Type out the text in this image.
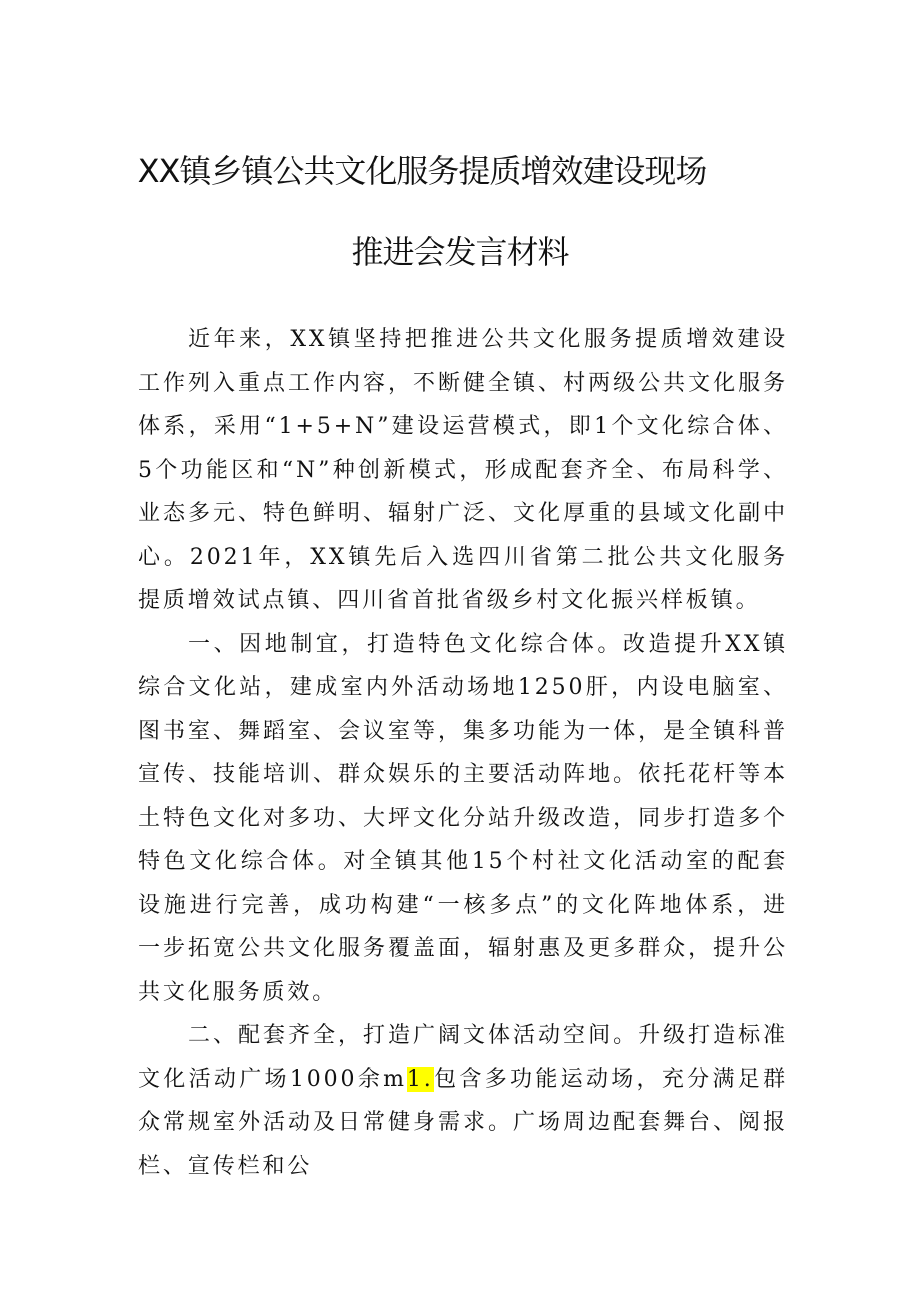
XX镇乡镇公共文化服务提质增效建设现场
推进会发言材料

近年来，XX镇坚持把推进公共文化服务提质增效建设工作列入重点工作内容，不断健全镇、村两级公共文化服务体系，采用“1+5+N”建设运营模式，即1个文化综合体、5个功能区和“N”种创新模式，形成配套齐全、布局科学、业态多元、特色鲜明、辐射广泛、文化厚重的县域文化副中心。2021年，XX镇先后入选四川省第二批公共文化服务提质增效试点镇、四川省首批省级乡村文化振兴样板镇。

一、因地制宜，打造特色文化综合体。改造提升XX镇综合文化站，建成室内外活动场地1250肝，内设电脑室、图书室、舞蹈室、会议室等，集多功能为一体，是全镇科普宣传、技能培训、群众娱乐的主要活动阵地。依托花杆等本土特色文化对多功、大坪文化分站升级改造，同步打造多个特色文化综合体。对全镇其他15个村社文化活动室的配套设施进行完善，成功构建“一核多点”的文化阵地体系，进一步拓宽公共文化服务覆盖面，辐射惠及更多群众，提升公共文化服务质效。

二、配套齐全，打造广阔文体活动空间。升级打造标准文化活动广场1000余m1.包含多功能运动场，充分满足群众常规室外活动及日常健身需求。广场周边配套舞台、阅报栏、宣传栏和公
